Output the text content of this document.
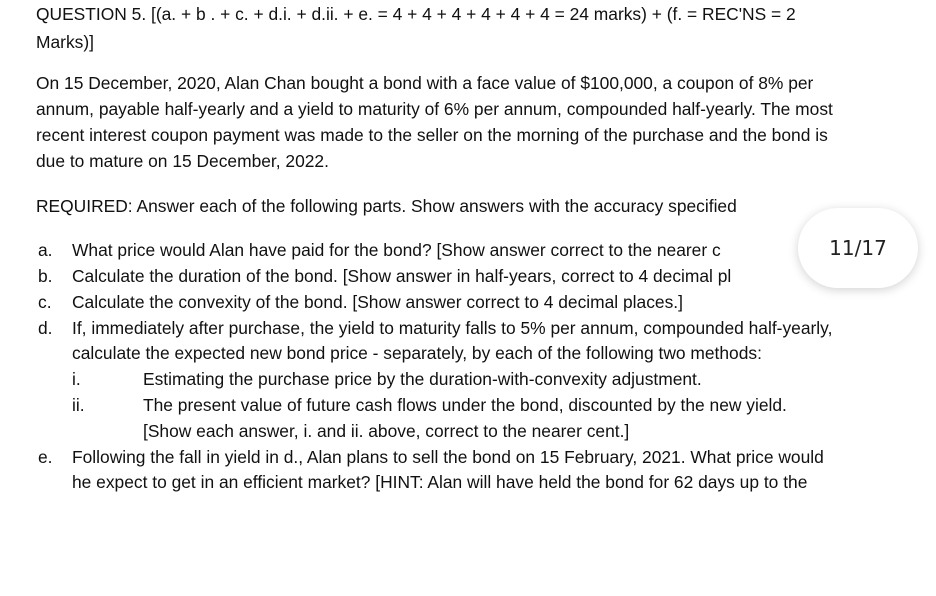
QUESTION 5. [(a. + b . + c. + d.i. + d.ii. + e. = 4 + 4 + 4 + 4 + 4 + 4 = 24 marks) + (f. = REC'NS = 2
Marks)]
On 15 December, 2020, Alan Chan bought a bond with a face value of $100,000, a coupon of 8% per
annum, payable half-yearly and a yield to maturity of 6% per annum, compounded half-yearly. The most
recent interest coupon payment was made to the seller on the morning of the purchase and the bond is
due to mature on 15 December, 2022.
REQUIRED: Answer each of the following parts. Show answers with the accuracy specified
a. What price would Alan have paid for the bond? [Show answer correct to the nearer c
b. Calculate the duration of the bond. [Show answer in half-years, correct to 4 decimal pl
c. Calculate the convexity of the bond. [Show answer correct to 4 decimal places.]
d. If, immediately after purchase, the yield to maturity falls to 5% per annum, compounded half-yearly,
calculate the expected new bond price - separately, by each of the following two methods:
i.	Estimating the purchase price by the duration-with-convexity adjustment.
ii.	The present value of future cash flows under the bond, discounted by the new yield.
[Show each answer, i. and ii. above, correct to the nearer cent.]
e. Following the fall in yield in d., Alan plans to sell the bond on 15 February, 2021. What price would
he expect to get in an efficient market? [HINT: Alan will have held the bond for 62 days up to the
11/17
